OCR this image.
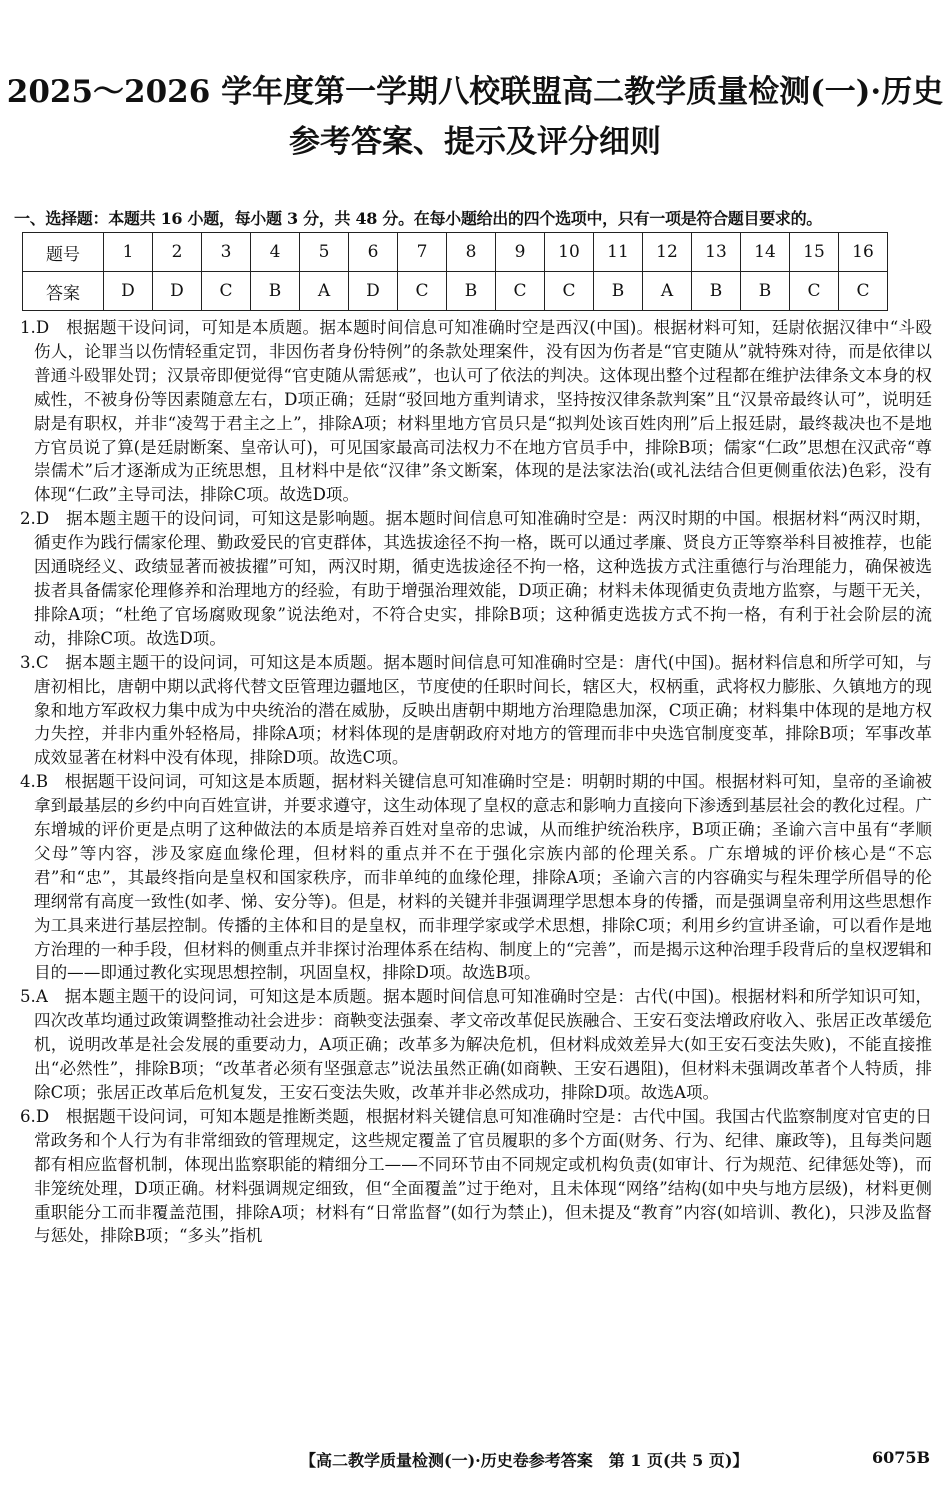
2025～2026 学年度第一学期八校联盟高二教学质量检测(一)·历史
参考答案、提示及评分细则
一、选择题：本题共 16 小题，每小题 3 分，共 48 分。在每小题给出的四个选项中，只有一项是符合题目要求的。
题号	1	2	3	4	5	6	7	8	9	10	11	12	13	14	15	16
答案	D	D	C	B	A	D	C	B	C	C	B	A	B	B	C	C

1.D　根据题干设问词，可知是本质题。据本题时间信息可知准确时空是西汉(中国)。根据材料可知，廷尉依据汉律中“斗殴伤人，论罪当以伤情轻重定罚，非因伤者身份特例”的条款处理案件，没有因为伤者是“官吏随从”就特殊对待，而是依律以普通斗殴罪处罚；汉景帝即便觉得“官吏随从需惩戒”，也认可了依法的判决。这体现出整个过程都在维护法律条文本身的权威性，不被身份等因素随意左右，D项正确；廷尉“驳回地方重判请求，坚持按汉律条款判案”且“汉景帝最终认可”，说明廷尉是有职权，并非“凌驾于君主之上”，排除A项；材料里地方官员只是“拟判处该百姓肉刑”后上报廷尉，最终裁决也不是地方官员说了算(是廷尉断案、皇帝认可)，可见国家最高司法权力不在地方官员手中，排除B项；儒家“仁政”思想在汉武帝“尊崇儒术”后才逐渐成为正统思想，且材料中是依“汉律”条文断案，体现的是法家法治(或礼法结合但更侧重依法)色彩，没有体现“仁政”主导司法，排除C项。故选D项。

2.D　据本题主题干的设问词，可知这是影响题。据本题时间信息可知准确时空是：两汉时期的中国。根据材料“两汉时期，循吏作为践行儒家伦理、勤政爱民的官吏群体，其选拔途径不拘一格，既可以通过孝廉、贤良方正等察举科目被推荐，也能因通晓经义、政绩显著而被拔擢”可知，两汉时期，循吏选拔途径不拘一格，这种选拔方式注重德行与治理能力，确保被选拔者具备儒家伦理修养和治理地方的经验，有助于增强治理效能，D项正确；材料未体现循吏负责地方监察，与题干无关，排除A项；“杜绝了官场腐败现象”说法绝对，不符合史实，排除B项；这种循吏选拔方式不拘一格，有利于社会阶层的流动，排除C项。故选D项。

3.C　据本题主题干的设问词，可知这是本质题。据本题时间信息可知准确时空是：唐代(中国)。据材料信息和所学可知，与唐初相比，唐朝中期以武将代替文臣管理边疆地区，节度使的任职时间长，辖区大，权柄重，武将权力膨胀、久镇地方的现象和地方军政权力集中成为中央统治的潜在威胁，反映出唐朝中期地方治理隐患加深，C项正确；材料集中体现的是地方权力失控，并非内重外轻格局，排除A项；材料体现的是唐朝政府对地方的管理而非中央选官制度变革，排除B项；军事改革成效显著在材料中没有体现，排除D项。故选C项。

4.B　根据题干设问词，可知这是本质题，据材料关键信息可知准确时空是：明朝时期的中国。根据材料可知，皇帝的圣谕被拿到最基层的乡约中向百姓宣讲，并要求遵守，这生动体现了皇权的意志和影响力直接向下渗透到基层社会的教化过程。广东增城的评价更是点明了这种做法的本质是培养百姓对皇帝的忠诚，从而维护统治秩序，B项正确；圣谕六言中虽有“孝顺父母”等内容，涉及家庭血缘伦理，但材料的重点并不在于强化宗族内部的伦理关系。广东增城的评价核心是“不忘君”和“忠”，其最终指向是皇权和国家秩序，而非单纯的血缘伦理，排除A项；圣谕六言的内容确实与程朱理学所倡导的伦理纲常有高度一致性(如孝、悌、安分等)。但是，材料的关键并非强调理学思想本身的传播，而是强调皇帝利用这些思想作为工具来进行基层控制。传播的主体和目的是皇权，而非理学家或学术思想，排除C项；利用乡约宣讲圣谕，可以看作是地方治理的一种手段，但材料的侧重点并非探讨治理体系在结构、制度上的“完善”，而是揭示这种治理手段背后的皇权逻辑和目的——即通过教化实现思想控制，巩固皇权，排除D项。故选B项。

5.A　据本题主题干的设问词，可知这是本质题。据本题时间信息可知准确时空是：古代(中国)。根据材料和所学知识可知，四次改革均通过政策调整推动社会进步：商鞅变法强秦、孝文帝改革促民族融合、王安石变法增政府收入、张居正改革缓危机，说明改革是社会发展的重要动力，A项正确；改革多为解决危机，但材料成效差异大(如王安石变法失败)，不能直接推出“必然性”，排除B项；“改革者必须有坚强意志”说法虽然正确(如商鞅、王安石遇阻)，但材料未强调改革者个人特质，排除C项；张居正改革后危机复发，王安石变法失败，改革并非必然成功，排除D项。故选A项。

6.D　根据题干设问词，可知本题是推断类题，根据材料关键信息可知准确时空是：古代中国。我国古代监察制度对官吏的日常政务和个人行为有非常细致的管理规定，这些规定覆盖了官员履职的多个方面(财务、行为、纪律、廉政等)，且每类问题都有相应监督机制，体现出监察职能的精细分工——不同环节由不同规定或机构负责(如审计、行为规范、纪律惩处等)，而非笼统处理，D项正确。材料强调规定细致，但“全面覆盖”过于绝对，且未体现“网络”结构(如中央与地方层级)，材料更侧重职能分工而非覆盖范围，排除A项；材料有“日常监督”(如行为禁止)，但未提及“教育”内容(如培训、教化)，只涉及监督与惩处，排除B项；“多头”指机

【高二教学质量检测(一)·历史卷参考答案　第 1 页(共 5 页)】	6075B
